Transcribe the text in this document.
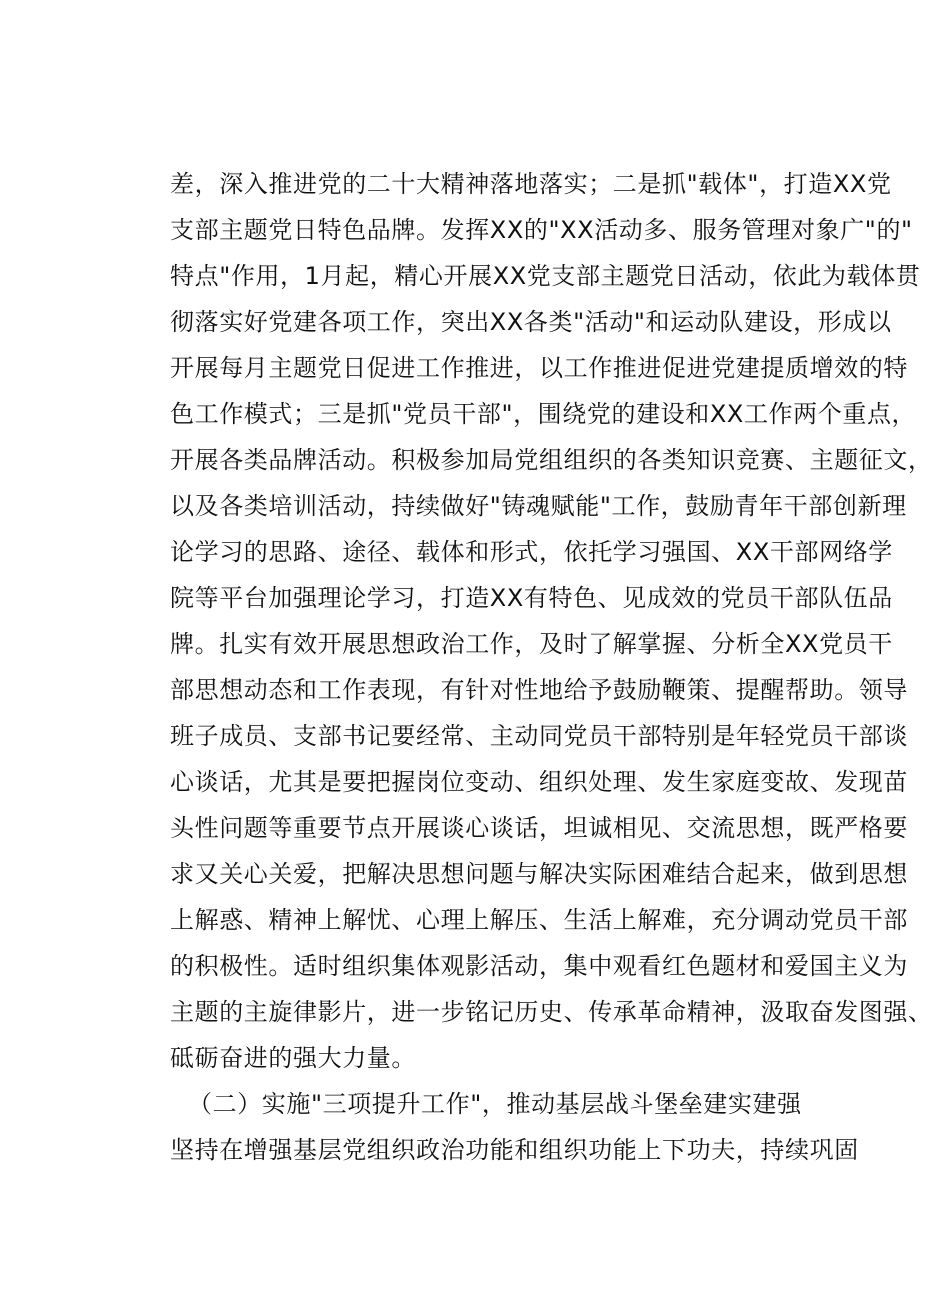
差，深入推进党的二十大精神落地落实；二是抓"载体"，打造XX党
支部主题党日特色品牌。发挥XX的"XX活动多、服务管理对象广"的"
特点"作用，1月起，精心开展XX党支部主题党日活动，依此为载体贯
彻落实好党建各项工作，突出XX各类"活动"和运动队建设，形成以
开展每月主题党日促进工作推进，以工作推进促进党建提质增效的特
色工作模式；三是抓"党员干部"，围绕党的建设和XX工作两个重点，
开展各类品牌活动。积极参加局党组组织的各类知识竞赛、主题征文，
以及各类培训活动，持续做好"铸魂赋能"工作，鼓励青年干部创新理
论学习的思路、途径、载体和形式，依托学习强国、XX干部网络学
院等平台加强理论学习，打造XX有特色、见成效的党员干部队伍品
牌。扎实有效开展思想政治工作，及时了解掌握、分析全XX党员干
部思想动态和工作表现，有针对性地给予鼓励鞭策、提醒帮助。领导
班子成员、支部书记要经常、主动同党员干部特别是年轻党员干部谈
心谈话，尤其是要把握岗位变动、组织处理、发生家庭变故、发现苗
头性问题等重要节点开展谈心谈话，坦诚相见、交流思想，既严格要
求又关心关爱，把解决思想问题与解决实际困难结合起来，做到思想
上解惑、精神上解忧、心理上解压、生活上解难，充分调动党员干部
的积极性。适时组织集体观影活动，集中观看红色题材和爱国主义为
主题的主旋律影片，进一步铭记历史、传承革命精神，汲取奋发图强、
砥砺奋进的强大力量。
（二）实施"三项提升工作"，推动基层战斗堡垒建实建强
坚持在增强基层党组织政治功能和组织功能上下功夫，持续巩固
